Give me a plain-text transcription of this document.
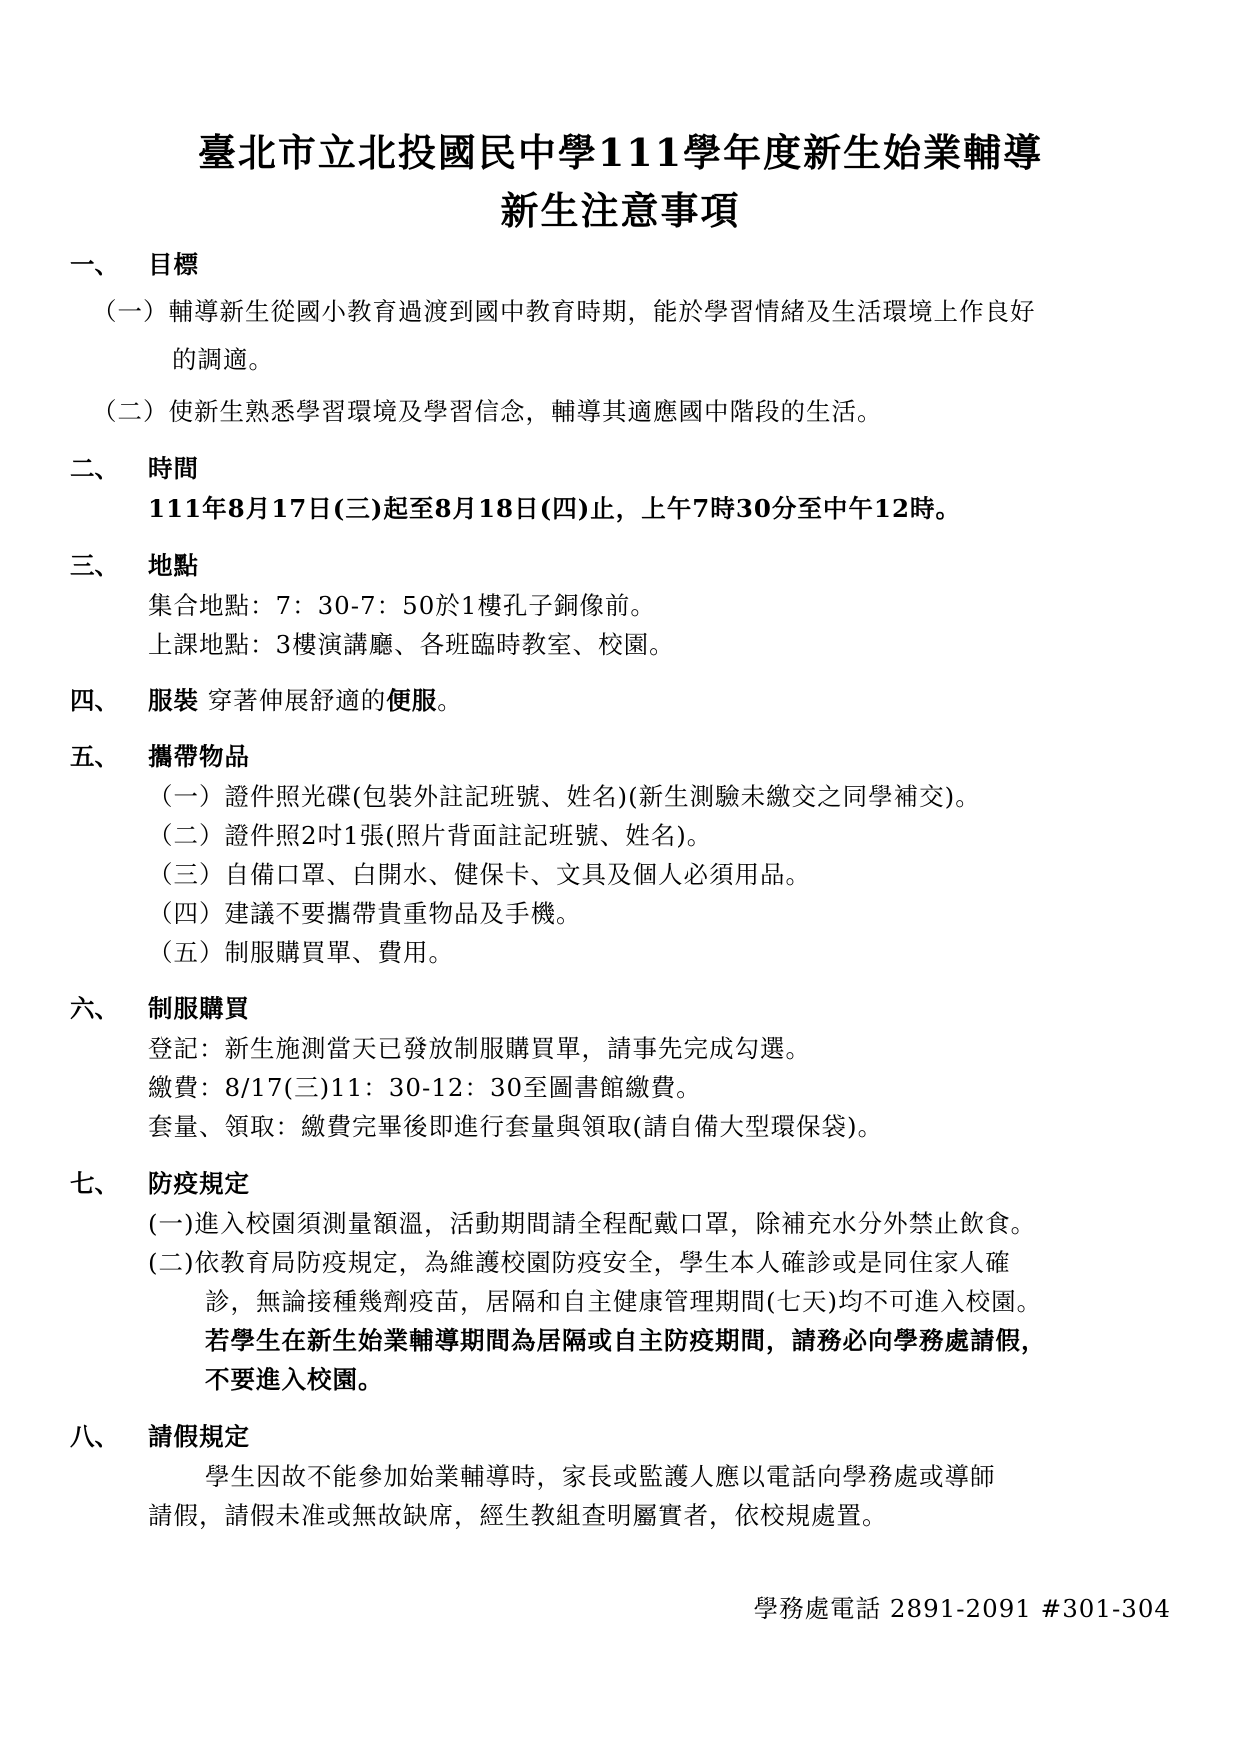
臺北市立北投國民中學111學年度新生始業輔導
新生注意事項
一、 目標
（一）輔導新生從國小教育過渡到國中教育時期，能於學習情緒及生活環境上作良好
的調適。
（二）使新生熟悉學習環境及學習信念，輔導其適應國中階段的生活。
二、 時間
111年8月17日(三)起至8月18日(四)止，上午7時30分至中午12時。
三、 地點
集合地點：7：30-7：50於1樓孔子銅像前。
上課地點：3樓演講廳、各班臨時教室、校園。
四、 服裝 穿著伸展舒適的便服。
五、 攜帶物品
（一）證件照光碟(包裝外註記班號、姓名)(新生測驗未繳交之同學補交)。
（二）證件照2吋1張(照片背面註記班號、姓名)。
（三）自備口罩、白開水、健保卡、文具及個人必須用品。
（四）建議不要攜帶貴重物品及手機。
（五）制服購買單、費用。
六、 制服購買
登記：新生施測當天已發放制服購買單，請事先完成勾選。
繳費：8/17(三)11：30-12：30至圖書館繳費。
套量、領取：繳費完畢後即進行套量與領取(請自備大型環保袋)。
七、 防疫規定
(一)進入校園須測量額溫，活動期間請全程配戴口罩，除補充水分外禁止飲食。
(二)依教育局防疫規定，為維護校園防疫安全，學生本人確診或是同住家人確
診，無論接種幾劑疫苗，居隔和自主健康管理期間(七天)均不可進入校園。
若學生在新生始業輔導期間為居隔或自主防疫期間，請務必向學務處請假，
不要進入校園。
八、 請假規定
學生因故不能參加始業輔導時，家長或監護人應以電話向學務處或導師
請假，請假未准或無故缺席，經生教組查明屬實者，依校規處置。
學務處電話 2891-2091 #301-304
